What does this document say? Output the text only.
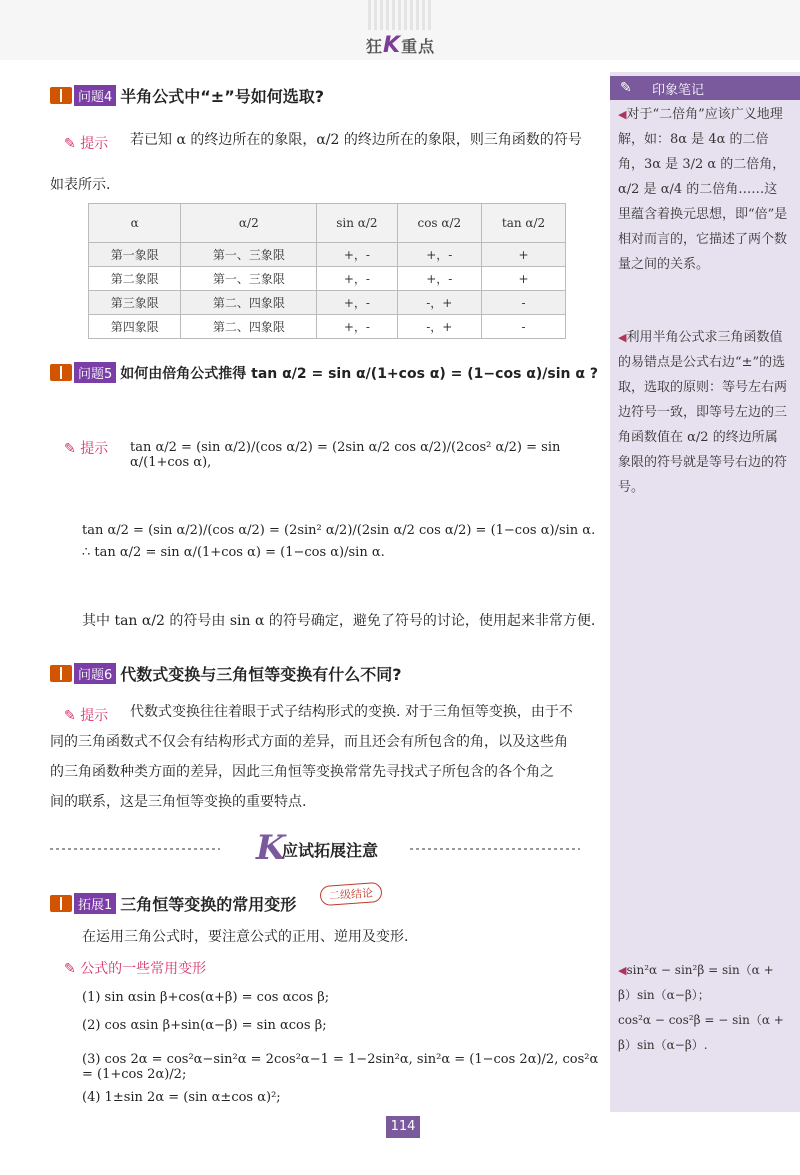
狂K重点
✎ 印象笔记
◀对于“二倍角”应该广义地理解，如：8α 是 4α 的二倍角，3α 是 3/2 α 的二倍角，α/2 是 α/4 的二倍角……这里蕴含着换元思想，即“倍”是相对而言的，它描述了两个数量之间的关系。
◀利用半角公式求三角函数值的易错点是公式右边“±”的选取，选取的原则：等号左右两边符号一致，即等号左边的三角函数值在 α/2 的终边所属象限的符号就是等号右边的符号。
◀sin²α − sin²β = sin（α +
β）sin（α−β）；
cos²α − cos²β = − sin（α +
β）sin（α−β）.
问题4 半角公式中“±”号如何选取?
✎ 提示 若已知 α 的终边所在的象限，α/2 的终边所在的象限，则三角函数的符号
如表所示.
α	α/2	sin α/2	cos α/2	tan α/2
第一象限	第一、三象限	+，-	+，-	+
第二象限	第一、三象限	+，-	+，-	+
第三象限	第二、四象限	+，-	-，+	-
第四象限	第二、四象限	+，-	-，+	-
问题5 如何由倍角公式推得 tan α/2 = sin α/(1+cos α) = (1−cos α)/sin α ?
✎ 提示 tan α/2 = (sin α/2)/(cos α/2) = (2sin α/2 cos α/2)/(2cos² α/2) = sin α/(1+cos α),
tan α/2 = (sin α/2)/(cos α/2) = (2sin² α/2)/(2sin α/2 cos α/2) = (1−cos α)/sin α. ∴ tan α/2 = sin α/(1+cos α) = (1−cos α)/sin α.
其中 tan α/2 的符号由 sin α 的符号确定，避免了符号的讨论，使用起来非常方便.
问题6 代数式变换与三角恒等变换有什么不同?
✎ 提示 代数式变换往往着眼于式子结构形式的变换. 对于三角恒等变换，由于不
同的三角函数式不仅会有结构形式方面的差异，而且还会有所包含的角，以及这些角
的三角函数种类方面的差异，因此三角恒等变换常常先寻找式子所包含的各个角之
间的联系，这是三角恒等变换的重要特点.
K
应试拓展注意
拓展1 三角恒等变换的常用变形
二级结论
在运用三角公式时，要注意公式的正用、逆用及变形.
✎ 公式的一些常用变形
(1) sin αsin β+cos(α+β) = cos αcos β;
(2) cos αsin β+sin(α−β) = sin αcos β;
(3) cos 2α = cos²α−sin²α = 2cos²α−1 = 1−2sin²α, sin²α = (1−cos 2α)/2, cos²α = (1+cos 2α)/2;
(4) 1±sin 2α = (sin α±cos α)²;
114
